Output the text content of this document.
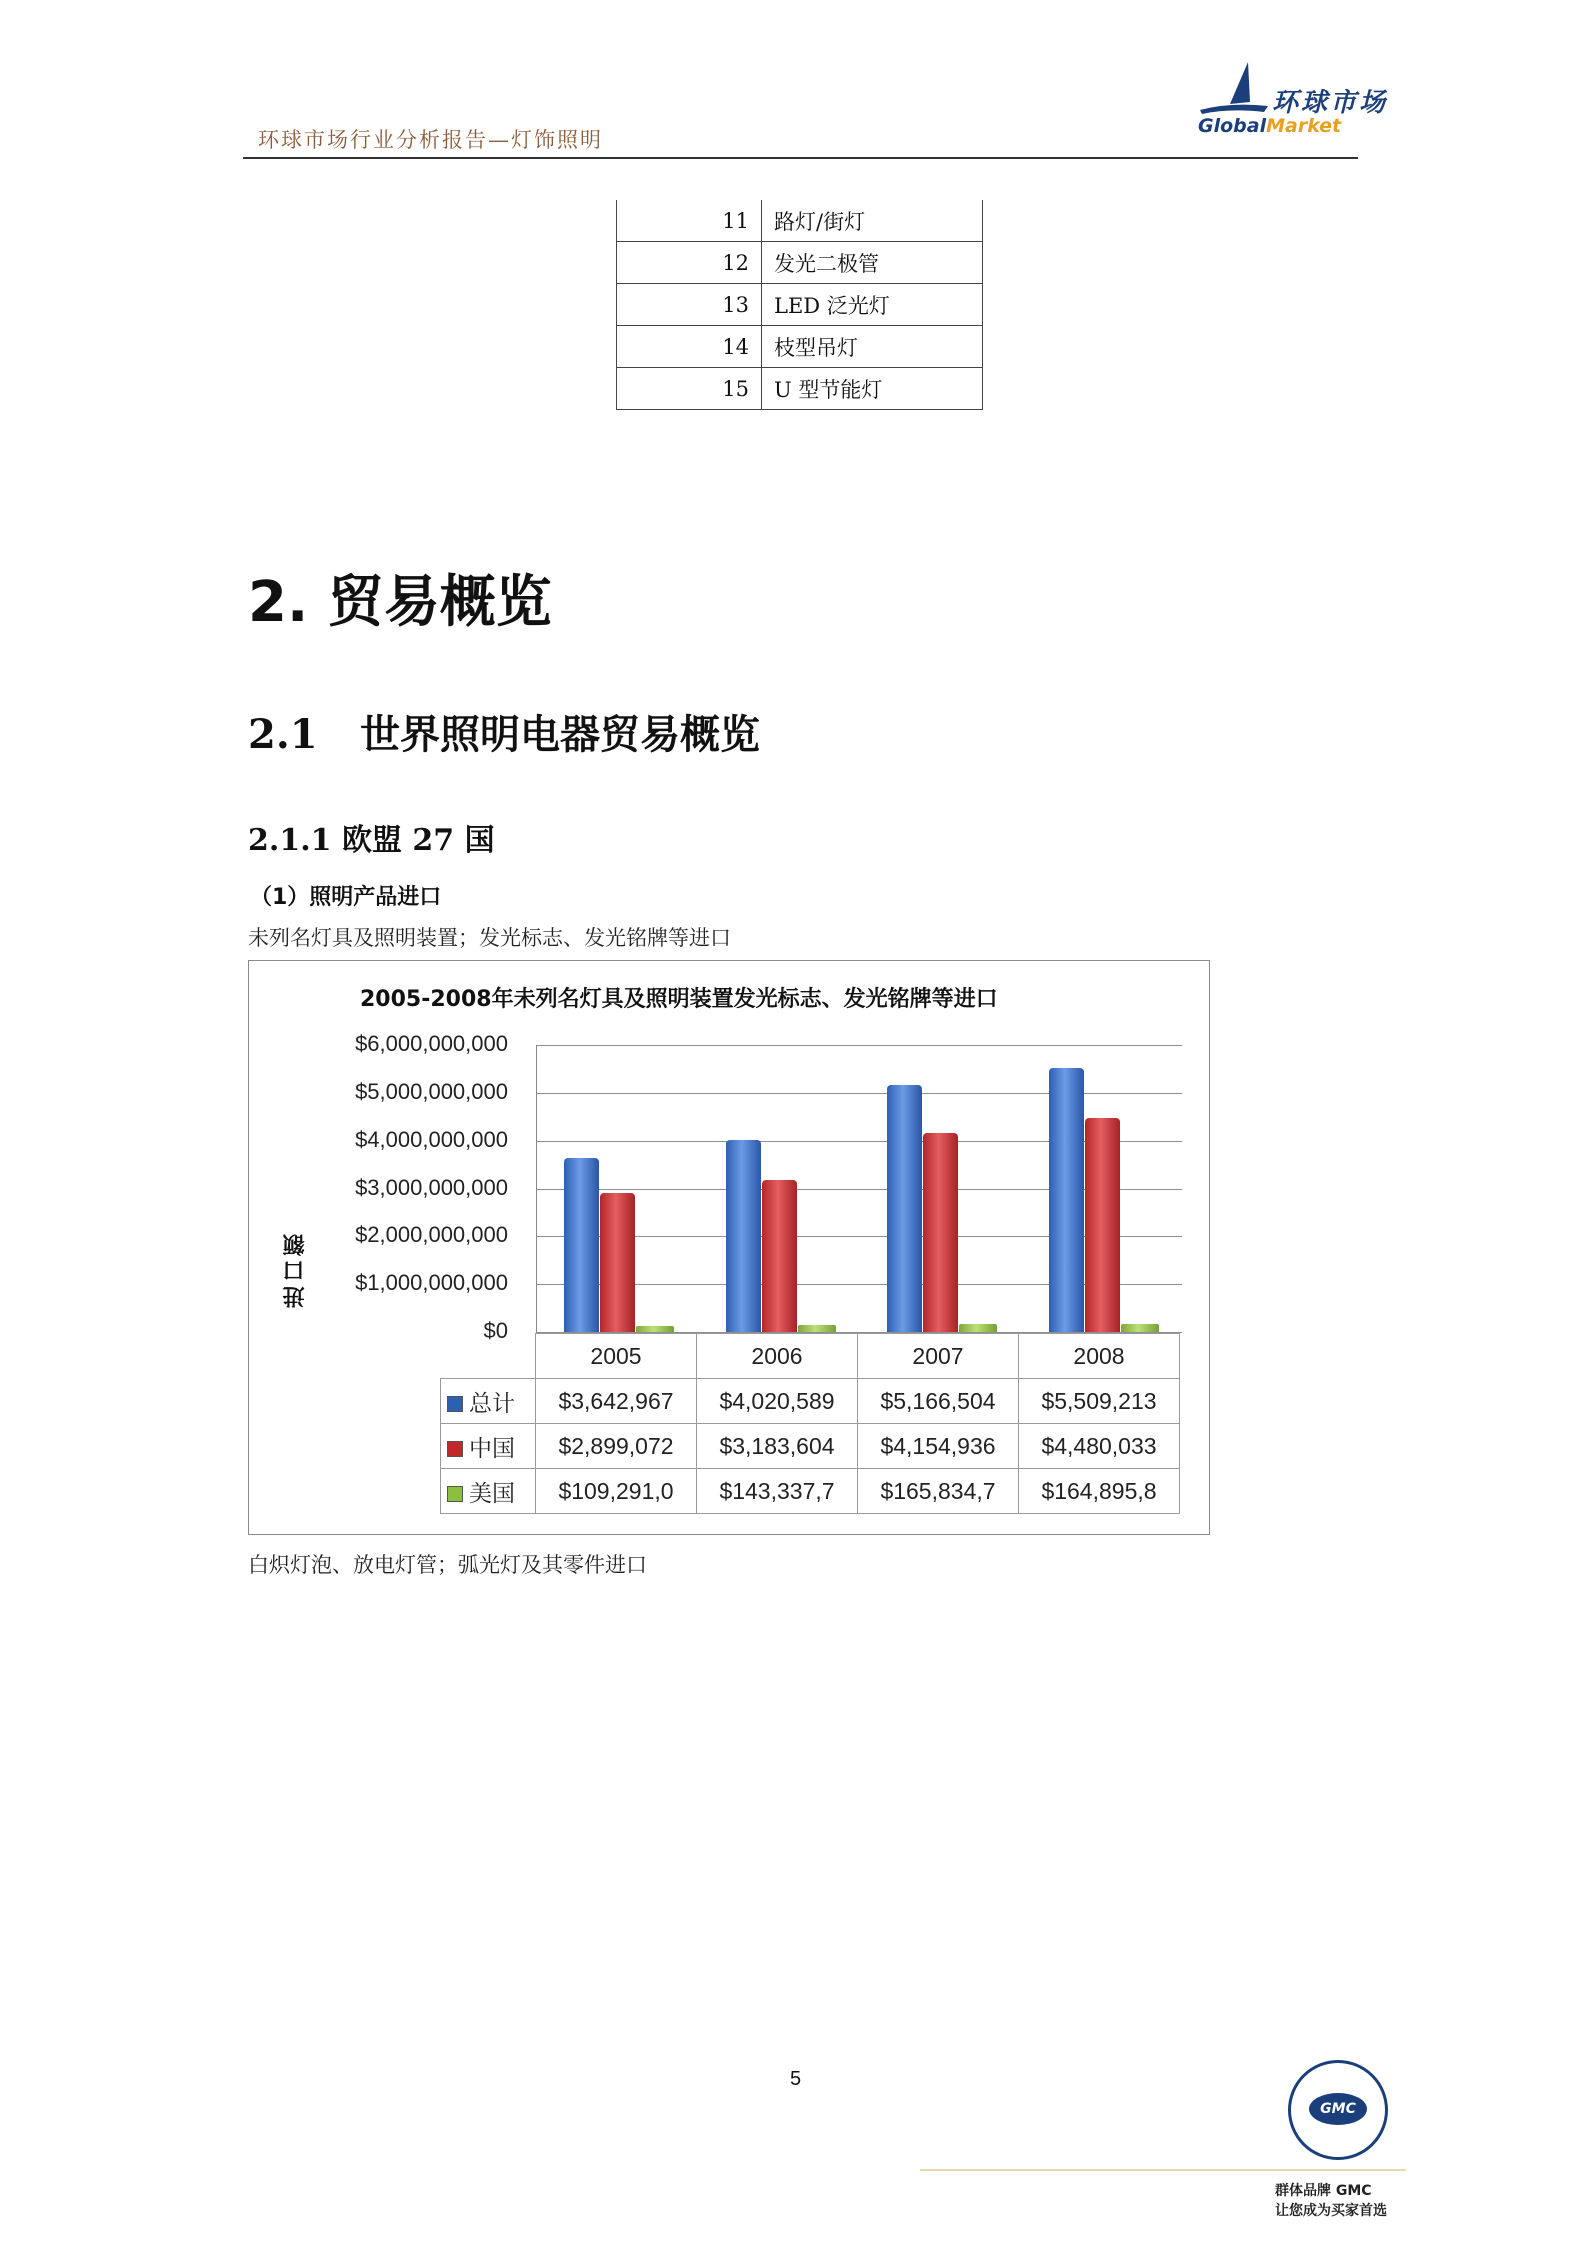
环球市场行业分析报告—灯饰照明
环球市场
GlobalMarket
11	路灯/街灯
12	发光二极管
13	LED 泛光灯
14	枝型吊灯
15	U 型节能灯
2. 贸易概览
2.1 世界照明电器贸易概览
2.1.1 欧盟 27 国
（1）照明产品进口
未列名灯具及照明装置；发光标志、发光铭牌等进口
2005-2008年未列名灯具及照明装置发光标志、发光铭牌等进口
进口额
$6,000,000,000
$5,000,000,000
$4,000,000,000
$3,000,000,000
$2,000,000,000
$1,000,000,000
$0
	2005	2006	2007	2008
总计	$3,642,967	$4,020,589	$5,166,504	$5,509,213
中国	$2,899,072	$3,183,604	$4,154,936	$4,480,033
美国	$109,291,0	$143,337,7	$165,834,7	$164,895,8
白炽灯泡、放电灯管；弧光灯及其零件进口
5
GMC
群体品牌 GMC
让您成为买家首选
